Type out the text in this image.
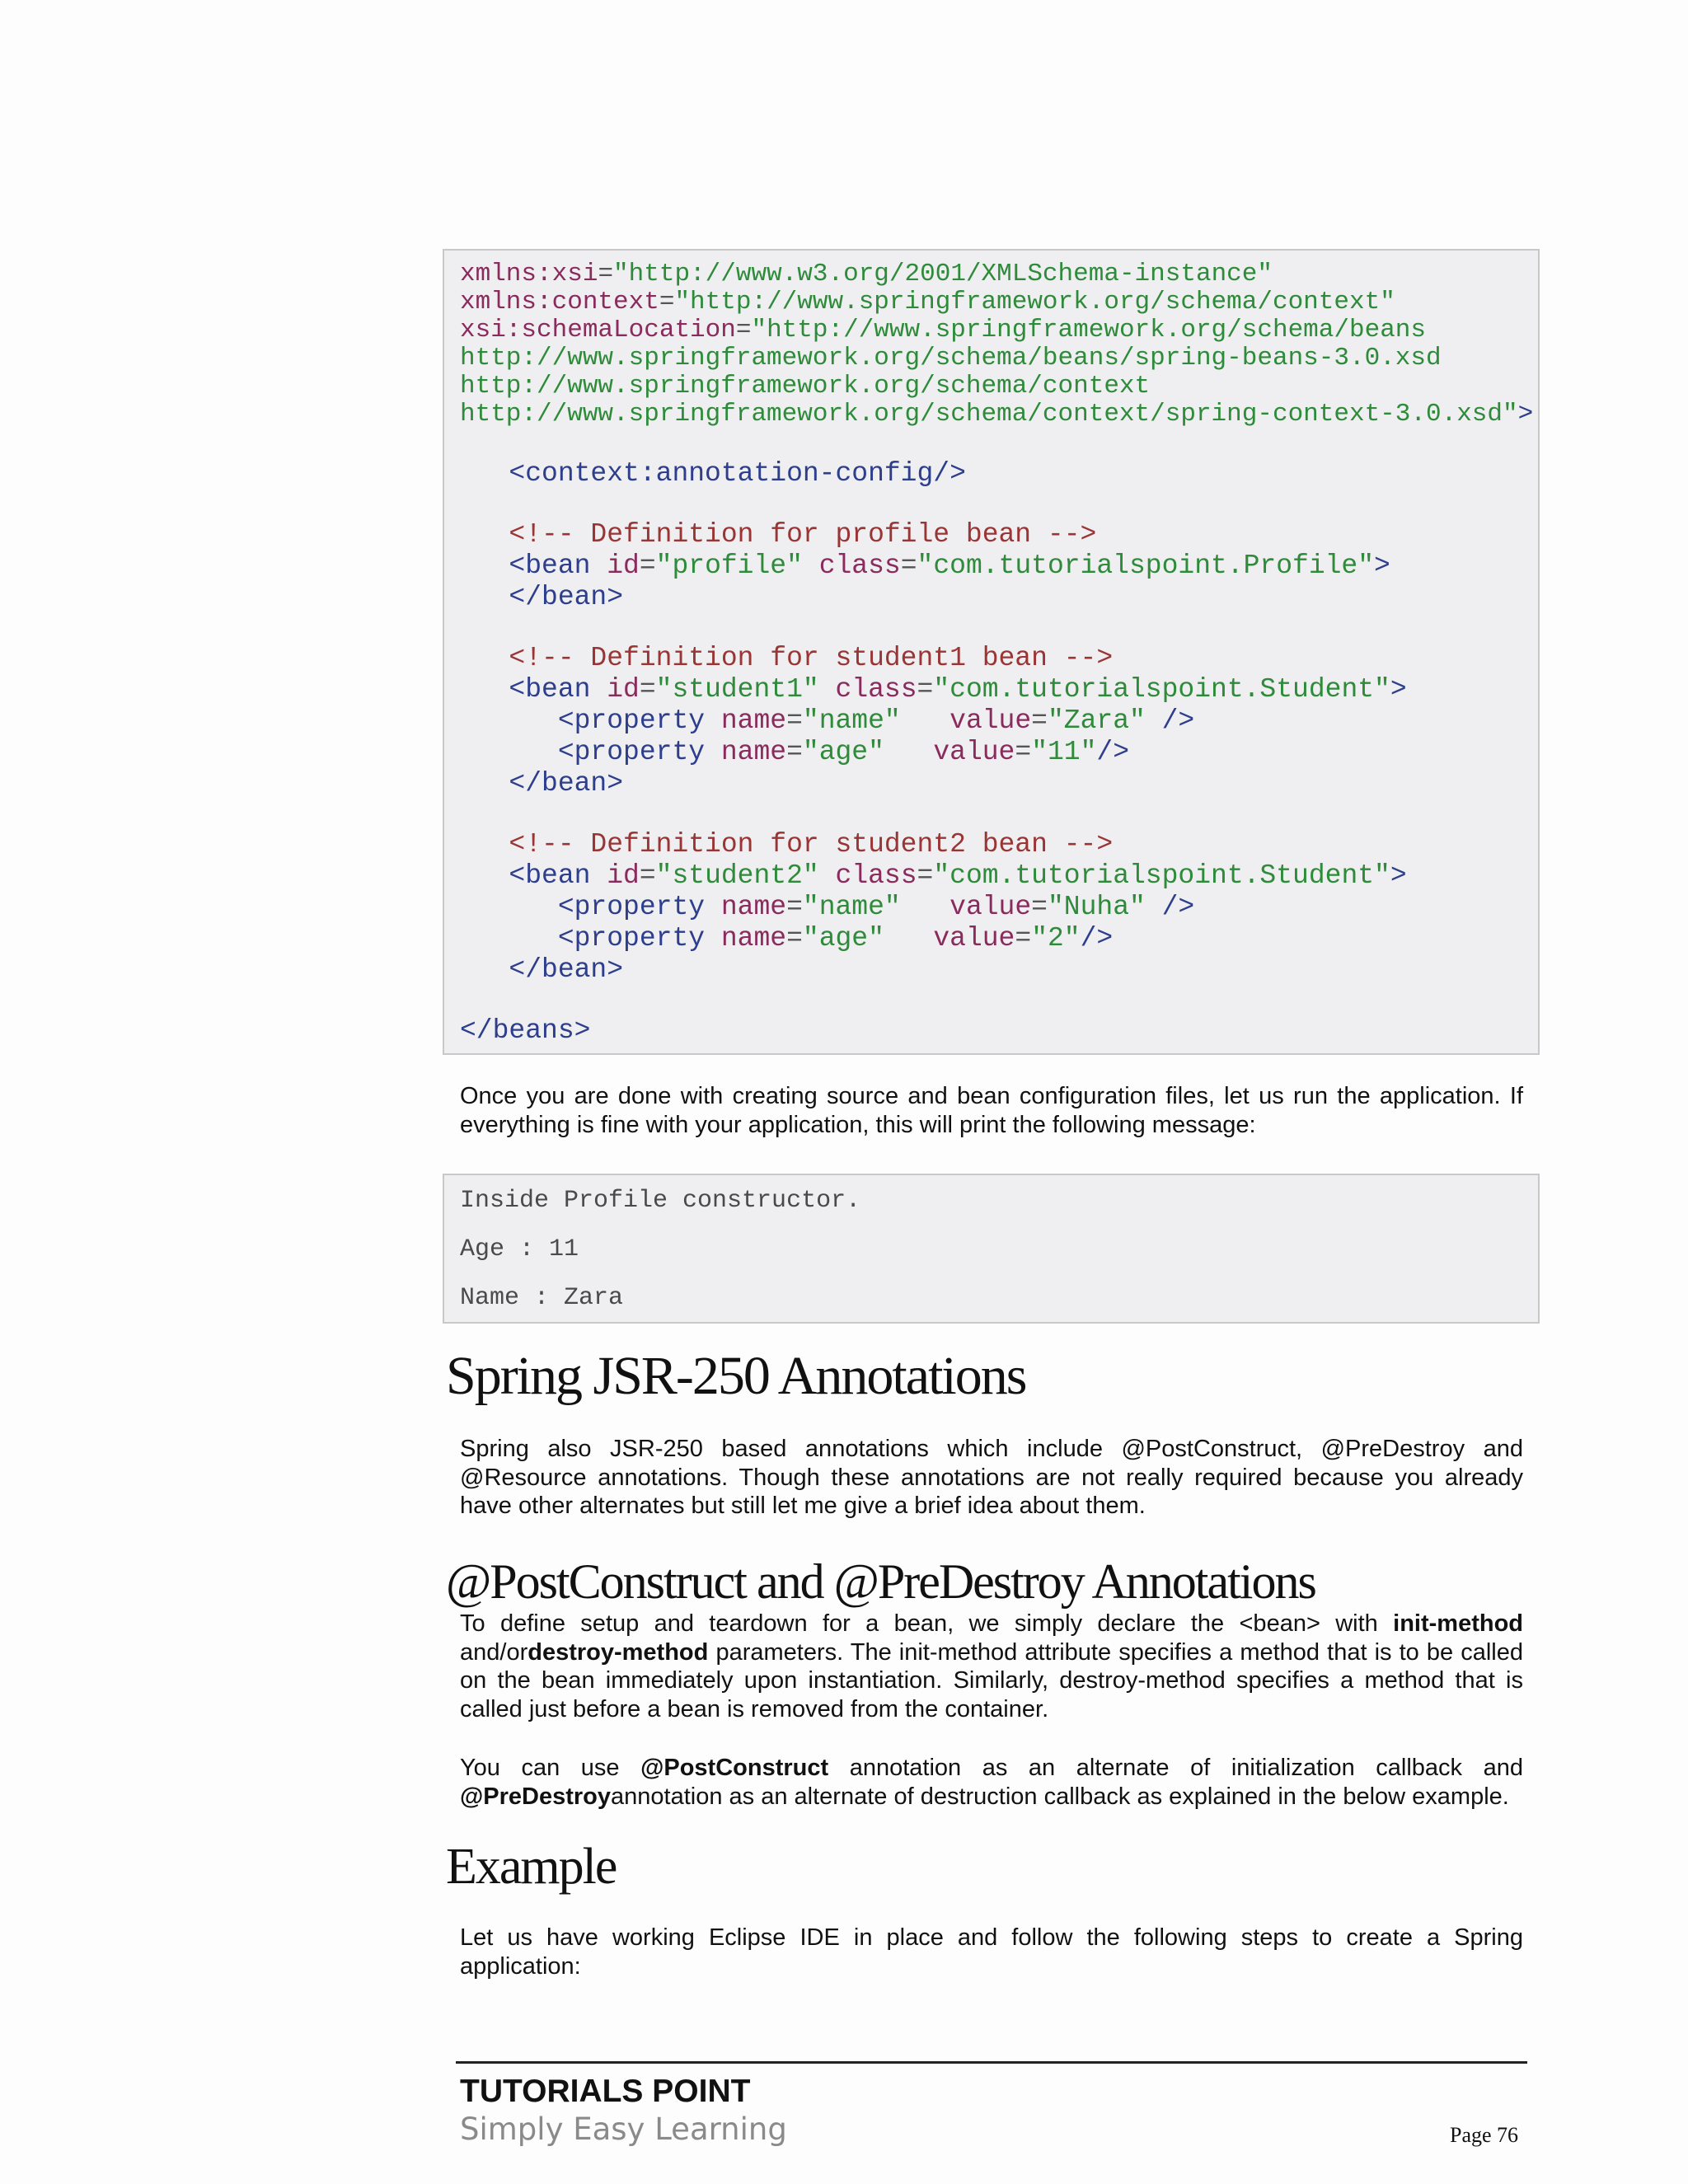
xmlns:xsi="http://www.w3.org/2001/XMLSchema-instance"
xmlns:context="http://www.springframework.org/schema/context"
xsi:schemaLocation="http://www.springframework.org/schema/beans
http://www.springframework.org/schema/beans/spring-beans-3.0.xsd
http://www.springframework.org/schema/context
http://www.springframework.org/schema/context/spring-context-3.0.xsd">
<context:annotation-config/>
<!-- Definition for profile bean -->
<bean id="profile" class="com.tutorialspoint.Profile">
</bean>
<!-- Definition for student1 bean -->
<bean id="student1" class="com.tutorialspoint.Student">
<property name="name" value="Zara" />
<property name="age" value="11"/>
</bean>
<!-- Definition for student2 bean -->
<bean id="student2" class="com.tutorialspoint.Student">
<property name="name" value="Nuha" />
<property name="age" value="2"/>
</bean>
</beans>
Once you are done with creating source and bean configuration files, let us run the application. If everything is fine with your application, this will print the following message:
Inside Profile constructor.
Age : 11
Name : Zara
Spring JSR-250 Annotations
Spring also JSR-250 based annotations which include @PostConstruct, @PreDestroy and @Resource annotations. Though these annotations are not really required because you already have other alternates but still let me give a brief idea about them.
@PostConstruct and @PreDestroy Annotations
To define setup and teardown for a bean, we simply declare the <bean> with init-method and/ordestroy-method parameters. The init-method attribute specifies a method that is to be called on the bean immediately upon instantiation. Similarly, destroy-method specifies a method that is called just before a bean is removed from the container.
You can use @PostConstruct annotation as an alternate of initialization callback and @PreDestroyannotation as an alternate of destruction callback as explained in the below example.
Example
Let us have working Eclipse IDE in place and follow the following steps to create a Spring application:
TUTORIALS POINT
Simply Easy Learning	Page 76
